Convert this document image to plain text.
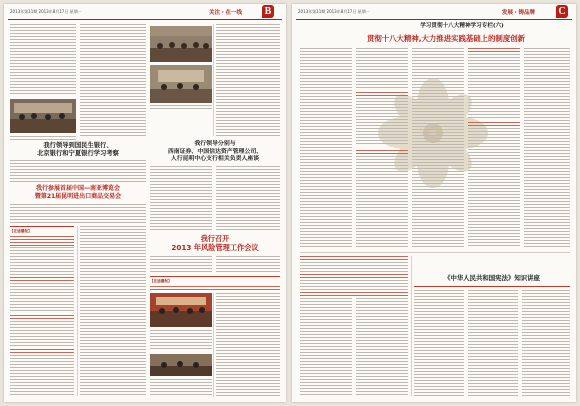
2013年第11期 2013年8月17日 星期一	关注・在一线 B
我行领导到国民生银行、
北京银行和宁夏银行学习考察
我行参展首届中国—南亚博览会
暨第21届昆明进出口商品交易会
【在途播报】
我行领导分别与
西南证券、中国信达资产管理公司、
人行昆明中心支行相关负责人座谈
我行召开
2013 年风险管理工作会议
【在途播报】
2013年第11期 2013年8月17日 星期一	发展・铸品牌 C
学习贯彻十八大精神学习专栏(六)
贯彻十八大精神,大力推进实践基础上的制度创新
《中华人民共和国宪法》知识讲座
